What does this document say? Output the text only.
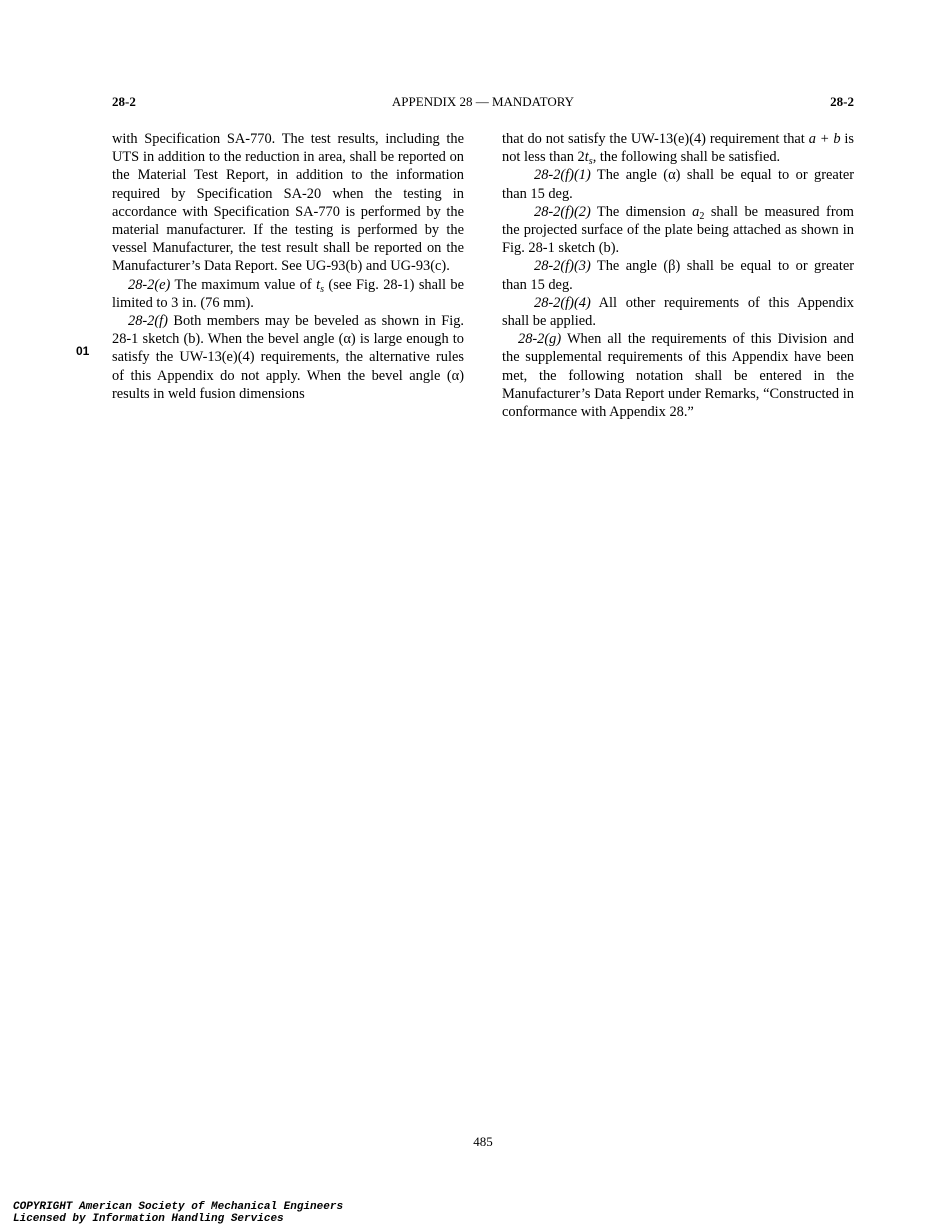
28-2	APPENDIX 28 — MANDATORY	28-2
01

with Specification SA-770. The test results, including the UTS in addition to the reduction in area, shall be reported on the Material Test Report, in addition to the information required by Specification SA-20 when the testing in accordance with Specification SA-770 is performed by the material manufacturer. If the testing is performed by the vessel Manufacturer, the test result shall be reported on the Manufacturer’s Data Report. See UG-93(b) and UG-93(c).

28-2(e) The maximum value of $t_s$ (see Fig. 28-1) shall be limited to 3 in. (76 mm).

28-2(f) Both members may be beveled as shown in Fig. 28-1 sketch (b). When the bevel angle (α) is large enough to satisfy the UW-13(e)(4) requirements, the alternative rules of this Appendix do not apply. When the bevel angle (α) results in weld fusion dimensions

that do not satisfy the UW-13(e)(4) requirement that a + b is not less than $2t_s$, the following shall be satisfied.

28-2(f)(1) The angle (α) shall be equal to or greater than 15 deg.

28-2(f)(2) The dimension $a_2$ shall be measured from the projected surface of the plate being attached as shown in Fig. 28-1 sketch (b).

28-2(f)(3) The angle (β) shall be equal to or greater than 15 deg.

28-2(f)(4) All other requirements of this Appendix shall be applied.

28-2(g) When all the requirements of this Division and the supplemental requirements of this Appendix have been met, the following notation shall be entered in the Manufacturer’s Data Report under Remarks, “Constructed in conformance with Appendix 28.”

485
COPYRIGHT American Society of Mechanical Engineers
Licensed by Information Handling Services
